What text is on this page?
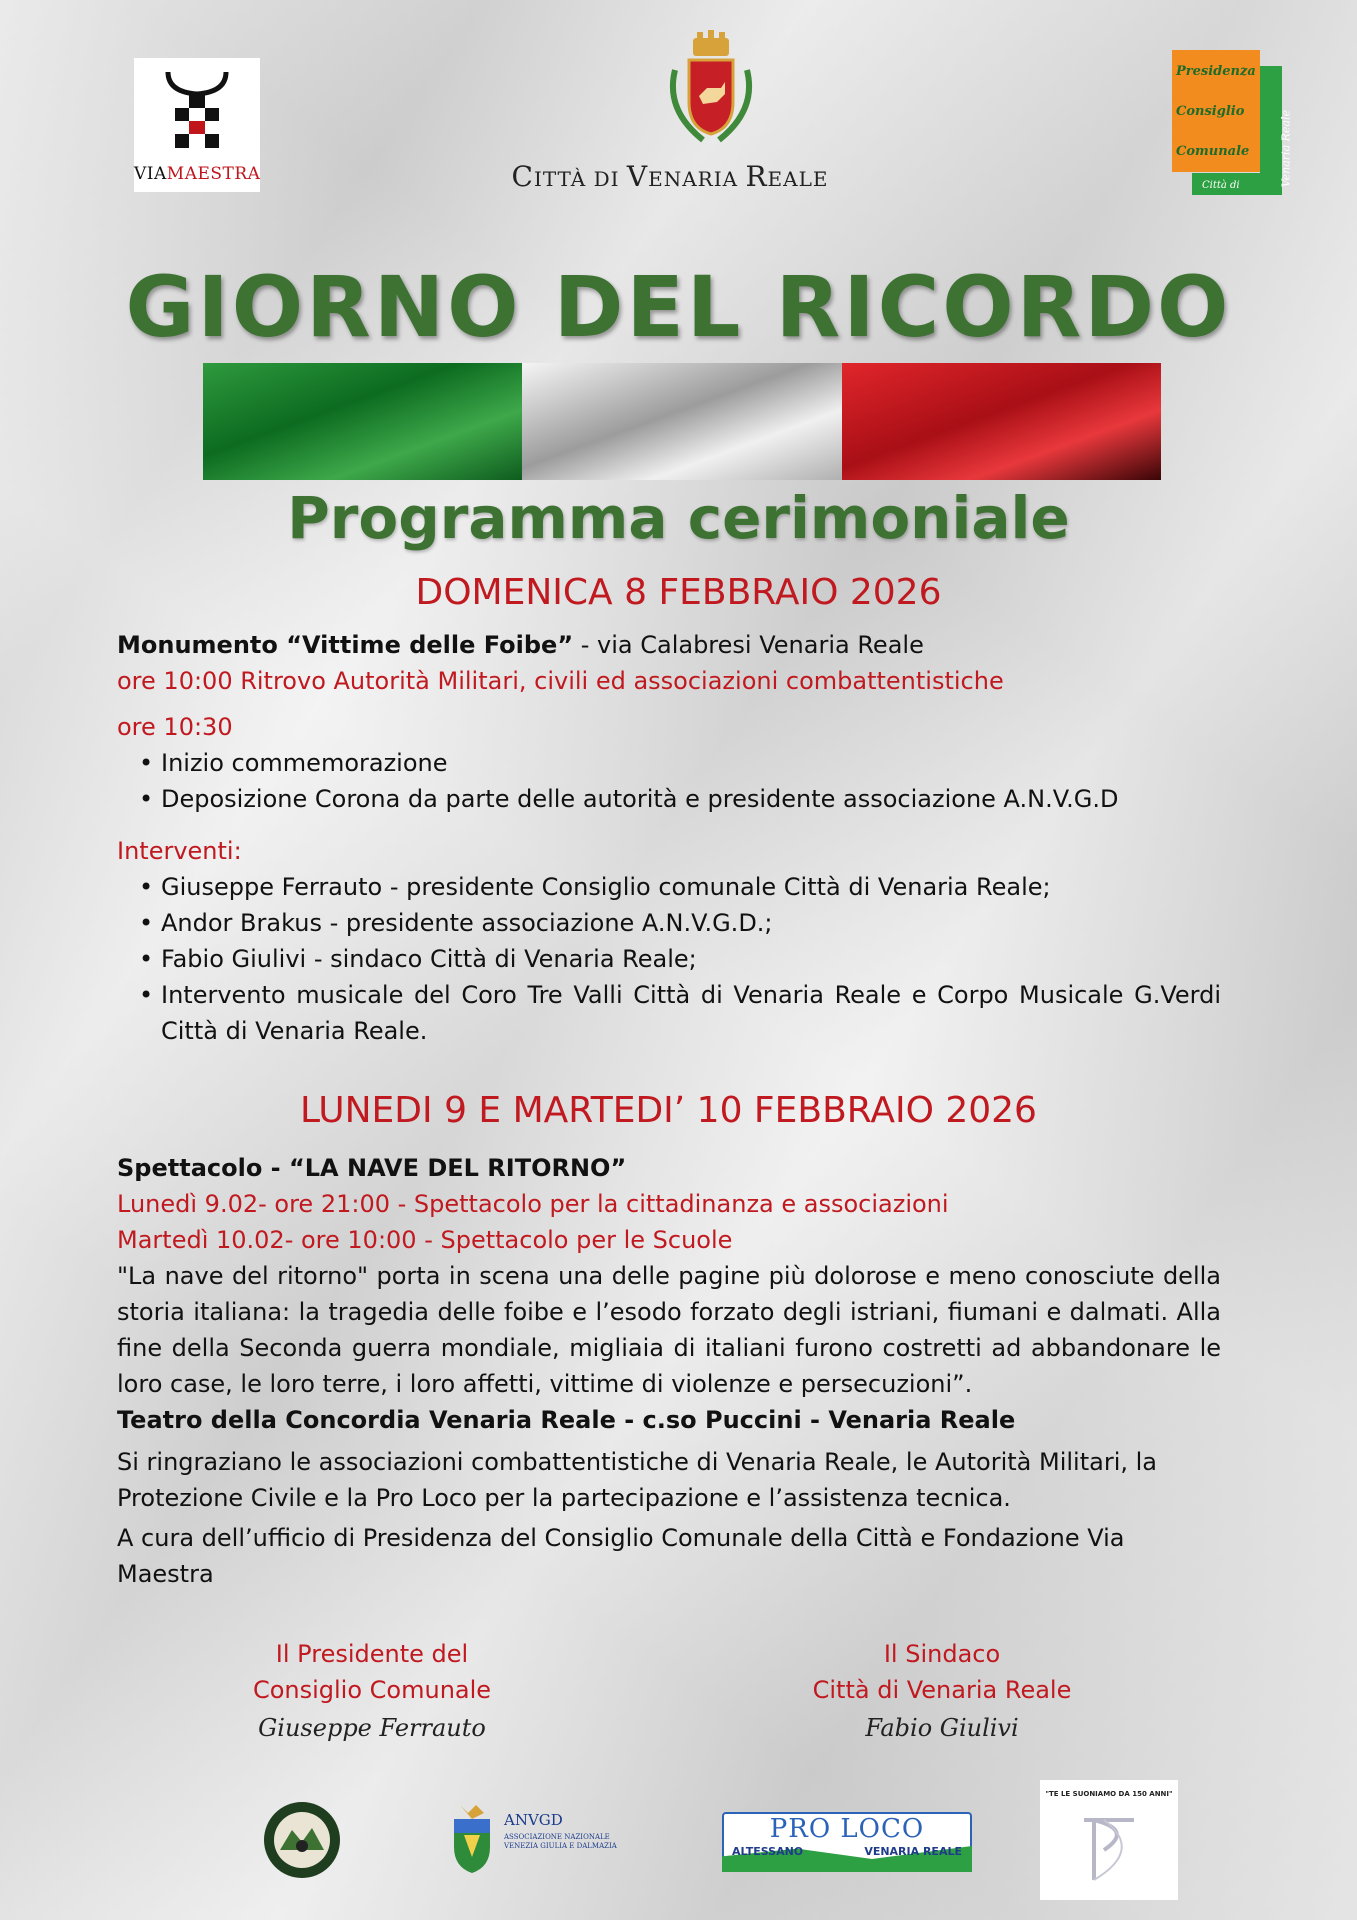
VIAMAESTRA	CITTÀ DI VENARIA REALE
Presidenza
Consiglio
Comunale	Venaria Reale
Città di
GIORNO DEL RICORDO
Programma cerimoniale
DOMENICA 8 FEBBRAIO 2026

Monumento “Vittime delle Foibe” - via Calabresi Venaria Reale

ore 10:00 Ritrovo Autorità Militari, civili ed associazioni combattentistiche

ore 10:30

• Inizio commemorazione
• Deposizione Corona da parte delle autorità e presidente associazione A.N.V.G.D

Interventi:

• Giuseppe Ferrauto - presidente Consiglio comunale Città di Venaria Reale;
• Andor Brakus - presidente associazione A.N.V.G.D.;
• Fabio Giulivi - sindaco Città di Venaria Reale;
• Intervento musicale del Coro Tre Valli Città di Venaria Reale e Corpo Musicale G.Verdi Città di Venaria Reale.
LUNEDI 9 E MARTEDI’ 10 FEBBRAIO 2026

Spettacolo - “LA NAVE DEL RITORNO”

Lunedì 9.02- ore 21:00 - Spettacolo per la cittadinanza e associazioni

Martedì 10.02- ore 10:00 - Spettacolo per le Scuole

"La nave del ritorno" porta in scena una delle pagine più dolorose e meno conosciute della storia italiana: la tragedia delle foibe e l’esodo forzato degli istriani, fiumani e dalmati. Alla fine della Seconda guerra mondiale, migliaia di italiani furono costretti ad abbandonare le loro case, le loro terre, i loro affetti, vittime di violenze e persecuzioni”.

Teatro della Concordia Venaria Reale - c.so Puccini - Venaria Reale

Si ringraziano le associazioni combattentistiche di Venaria Reale, le Autorità Militari, la Protezione Civile e la Pro Loco per la partecipazione e l’assistenza tecnica.

A cura dell’ufficio di Presidenza del Consiglio Comunale della Città e Fondazione Via Maestra

Il Presidente del
Consiglio Comunale
Giuseppe Ferrauto
Il Sindaco
Città di Venaria Reale
Fabio Giulivi
ANVGD
ASSOCIAZIONE NAZIONALE
VENEZIA GIULIA E DALMAZIA
PRO LOCO
ALTESSANO	VENARIA REALE
"TE LE SUONIAMO DA 150 ANNI"
